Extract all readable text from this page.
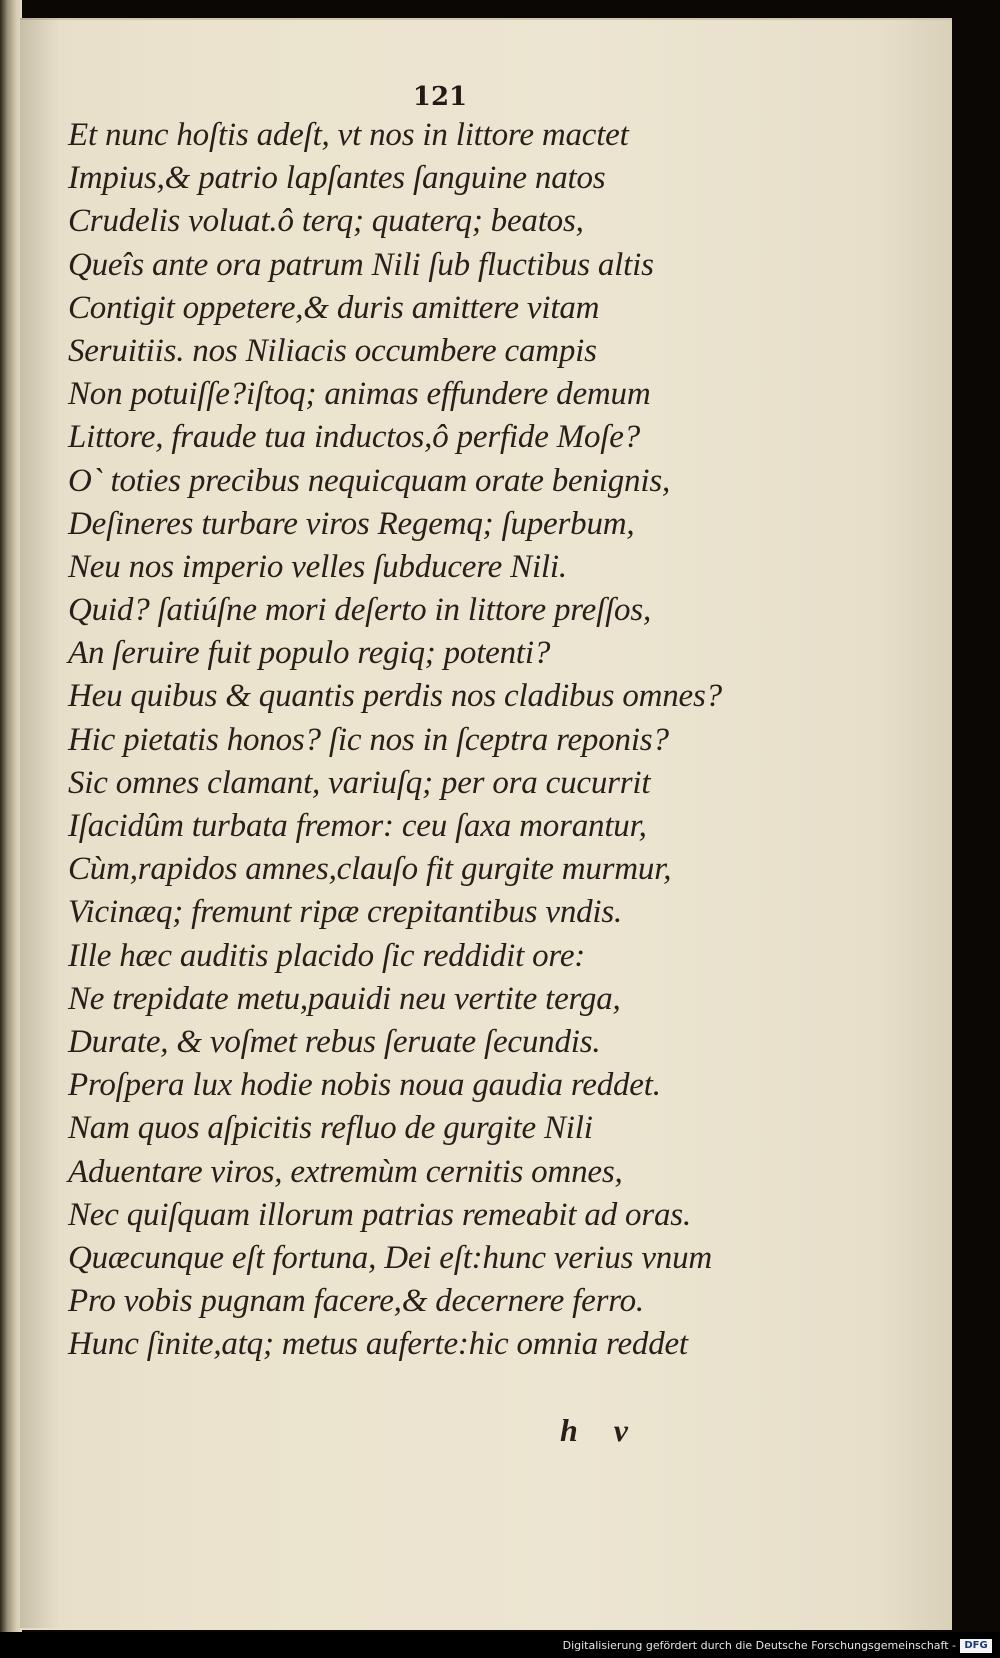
121
Et nunc hoſtis adeſt, vt nos in littore mactet
Impius,& patrio lapſantes ſanguine natos
Crudelis voluat.ô terq; quaterq; beatos,
Queîs ante ora patrum Nili ſub fluctibus altis
Contigit oppetere,& duris amittere vitam
Seruitiis. nos Niliacis occumbere campis
Non potuiſſe?iſtoq; animas effundere demum
Littore, fraude tua inductos,ô perfide Moſe?
O` toties precibus nequicquam orate benignis,
Deſineres turbare viros Regemq; ſuperbum,
Neu nos imperio velles ſubducere Nili.
Quid? ſatiúſne mori deſerto in littore preſſos,
An ſeruire fuit populo regiq; potenti?
Heu quibus & quantis perdis nos cladibus omnes?
Hic pietatis honos? ſic nos in ſceptra reponis?
Sic omnes clamant, variuſq; per ora cucurrit
Iſacidûm turbata fremor: ceu ſaxa morantur,
Cùm,rapidos amnes,clauſo fit gurgite murmur,
Vicinæq; fremunt ripæ crepitantibus vndis.
Ille hæc auditis placido ſic reddidit ore:
Ne trepidate metu,pauidi neu vertite terga,
Durate, & voſmet rebus ſeruate ſecundis.
Proſpera lux hodie nobis noua gaudia reddet.
Nam quos aſpicitis refluo de gurgite Nili
Aduentare viros, extremùm cernitis omnes,
Nec quiſquam illorum patrias remeabit ad oras.
Quæcunque eſt fortuna, Dei eſt:hunc verius vnum
Pro vobis pugnam facere,& decernere ferro.
Hunc ſinite,atq; metus auferte:hic omnia reddet
h v
Digitalisierung gefördert durch die Deutsche Forschungsgemeinschaft - DFG
